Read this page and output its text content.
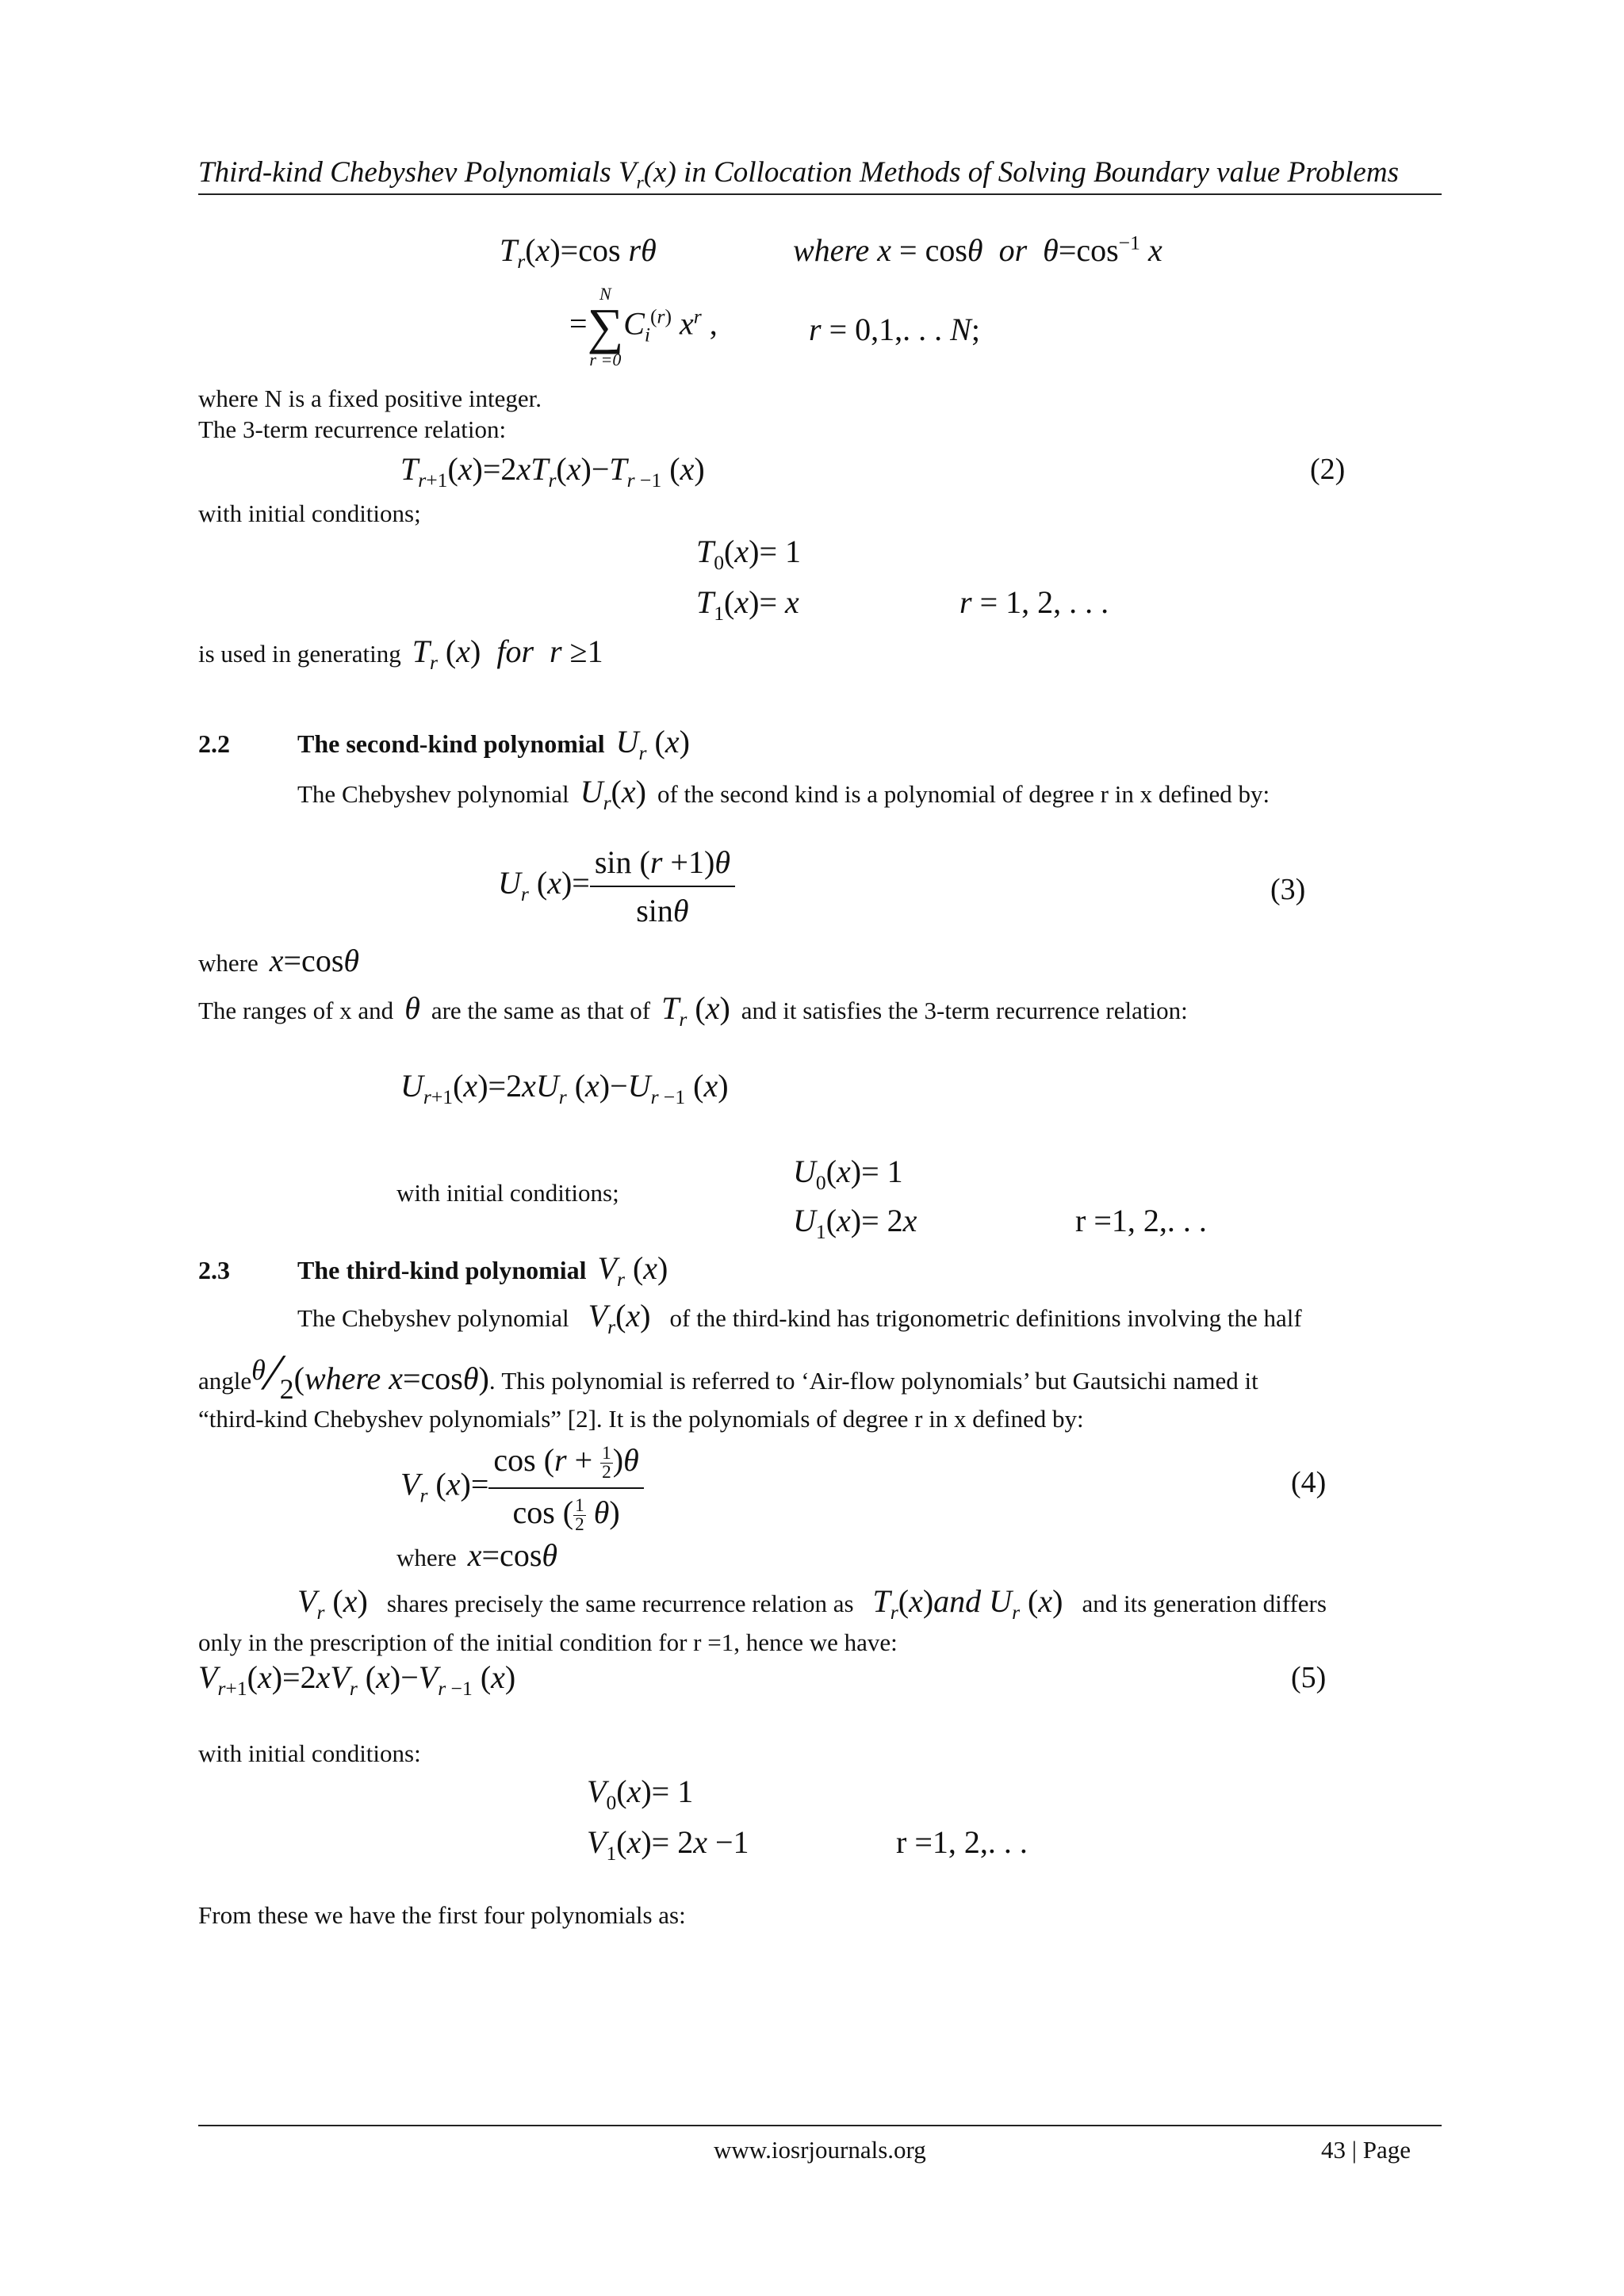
Third-kind Chebyshev Polynomials $V_r(x)$ in Collocation Methods of Solving Boundary value Problems
$T_r(x)=\cos$ rθ	where x = cosθ or $\theta=\cos^{-1}$ x
=
N
∑
r =0
$C_i^{(r)}$ $x^r$ ,	r = 0,1,. . . N;
where N is a fixed positive integer.
The 3-term recurrence relation:
$T_{r+1}(x)=2xT_r(x)-T_{r -1}$ (x)	(2)
with initial conditions;
$T_0(x)= 1$
$T_1(x)= x$	r = 1, 2, . . .
is used in generating $T_r$ (x)  for r ≥1
2.2	The second-kind polynomial $U_r$ (x)
The Chebyshev polynomial $U_r(x)$  of the second kind is a polynomial of degree r in x defined by:
$U_r$ $(x)= \frac{\sin (r +1)\theta}{\sin\theta}$	(3)
where x=cosθ
The ranges of x and θ are the same as that of $T_r$ (x)  and it satisfies the 3-term recurrence relation:
$U_{r+1}(x)=2xU_r$ $(x)-U_{r -1}$ (x)
$U_0(x)= 1$
with initial conditions;
$U_1(x)= 2x$	r =1, 2,. . .
2.3	The third-kind polynomial $V_r$ (x)
The Chebyshev polynomial $V_r(x)$   of the third-kind has trigonometric definitions involving the half
angleθ/2(where x=cosθ). This polynomial is referred to ‘Air-flow polynomials’ but Gautsichi named it
“third-kind Chebyshev polynomials” [2]. It is the polynomials of degree r in x defined by:
$V_r$ $(x)= \frac{\cos (r + \frac{1}{2} )\theta}{\cos ( \frac{1}{2} \theta)}$	(4)
where x=cosθ
$V_r$ (x)   shares precisely the same recurrence relation as $T_r(x)and$ $U_r$ (x)   and its generation differs
only in the prescription of the initial condition for r =1, hence we have:
$V_{r+1}(x)=2xV_r$ $(x)-V_{r -1}$ (x)	(5)
with initial conditions:
$V_0(x)= 1$
$V_1(x)= 2x -1$	r =1, 2,. . .
From these we have the first four polynomials as:
www.iosrjournals.org	43 | Page
